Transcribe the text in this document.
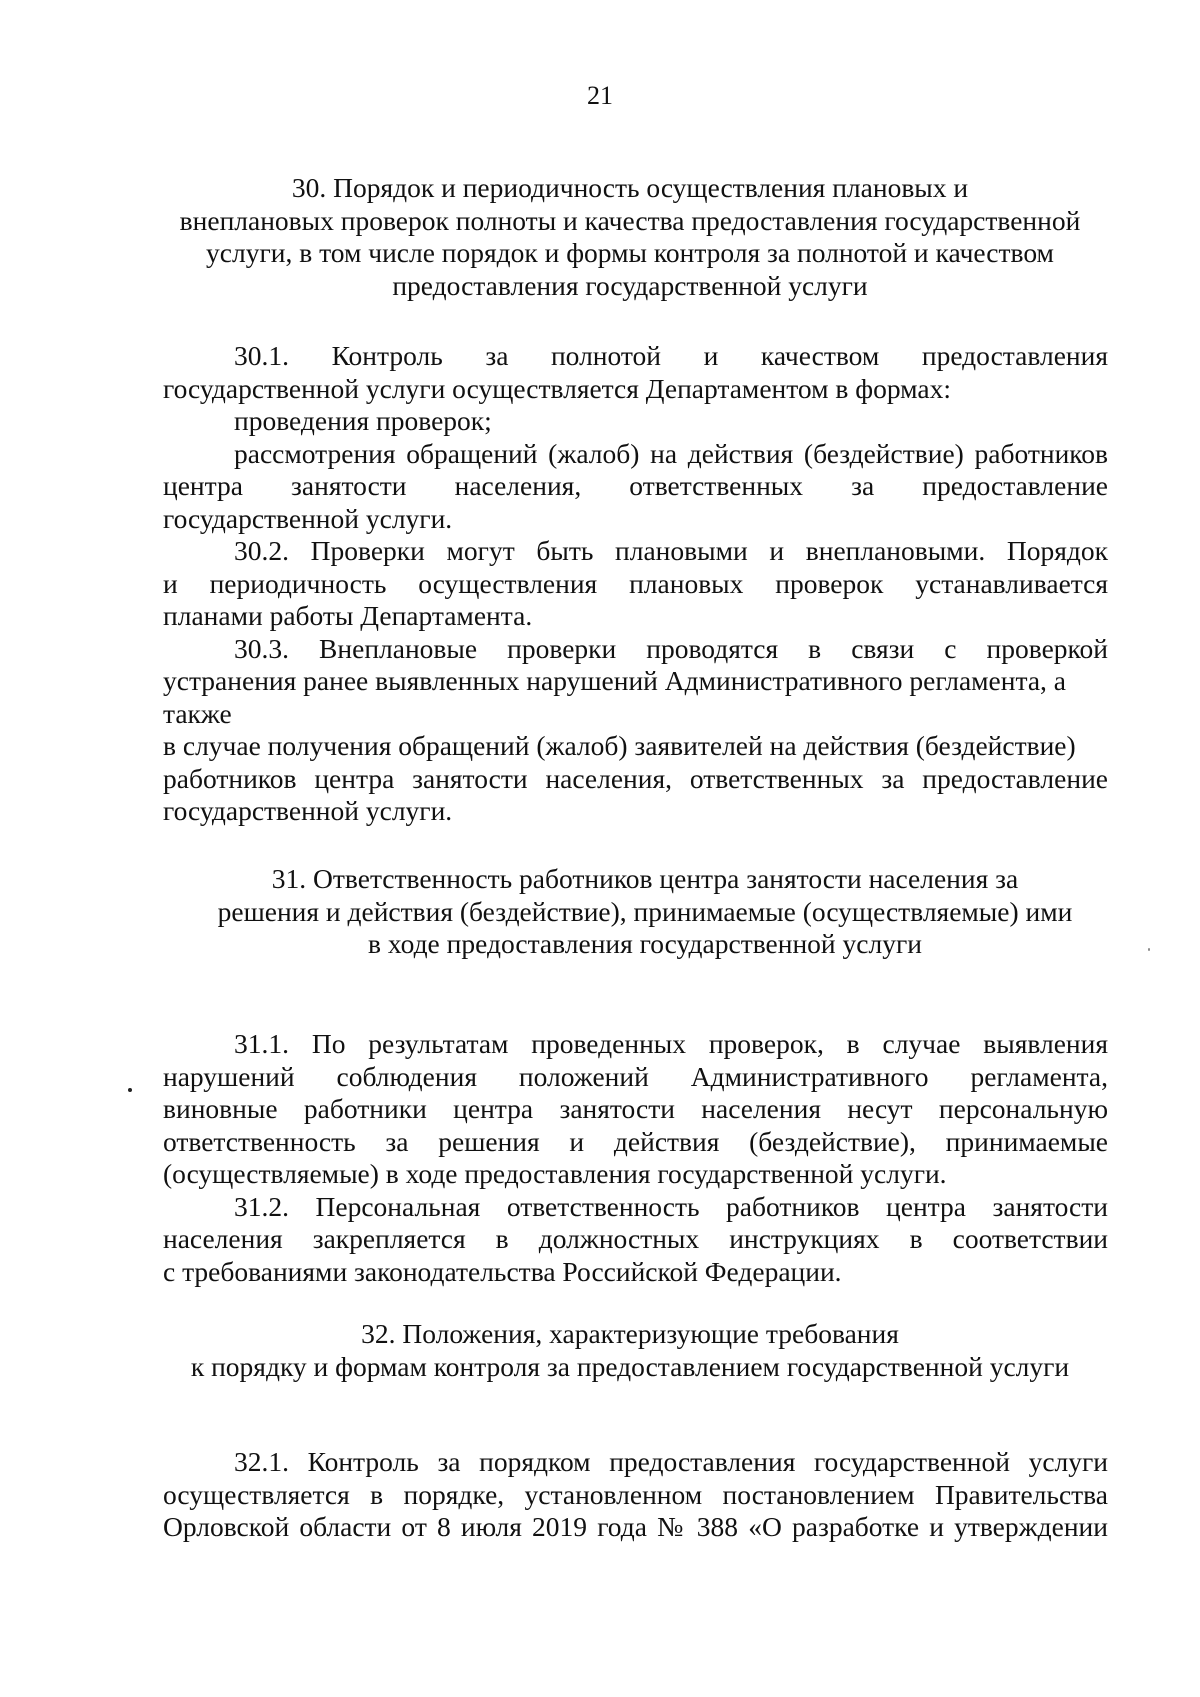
21
30. Порядок и периодичность осуществления плановых и
внеплановых проверок полноты и качества предоставления государственной
услуги, в том числе порядок и формы контроля за полнотой и качеством
предоставления государственной услуги
30.1. Контроль за полнотой и качеством предоставления
государственной услуги осуществляется Департаментом в формах:
проведения проверок;
рассмотрения обращений (жалоб) на действия (бездействие) работников
центра занятости населения, ответственных за предоставление
государственной услуги.
30.2. Проверки могут быть плановыми и внеплановыми. Порядок
и периодичность осуществления плановых проверок устанавливается
планами работы Департамента.
30.3. Внеплановые проверки проводятся в связи с проверкой
устранения ранее выявленных нарушений Административного регламента, а
также
в случае получения обращений (жалоб) заявителей на действия (бездействие)
работников центра занятости населения, ответственных за предоставление
государственной услуги.
31. Ответственность работников центра занятости населения за
решения и действия (бездействие), принимаемые (осуществляемые) ими
в ходе предоставления государственной услуги
31.1. По результатам проведенных проверок, в случае выявления
нарушений соблюдения положений Административного регламента,
виновные работники центра занятости населения несут персональную
ответственность за решения и действия (бездействие), принимаемые
(осуществляемые) в ходе предоставления государственной услуги.
31.2. Персональная ответственность работников центра занятости
населения закрепляется в должностных инструкциях в соответствии
с требованиями законодательства Российской Федерации.
32. Положения, характеризующие требования
к порядку и формам контроля за предоставлением государственной услуги
32.1. Контроль за порядком предоставления государственной услуги
осуществляется в порядке, установленном постановлением Правительства
Орловской области от 8 июля 2019 года № 388 «О разработке и утверждении
